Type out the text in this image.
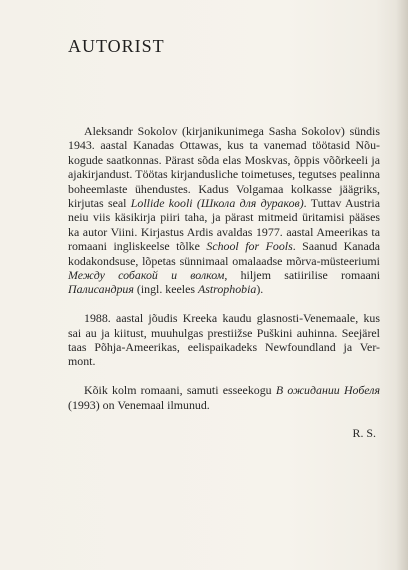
AUTORIST

Aleksandr Sokolov (kirjanikunimega Sasha Sokolov) sündis 1943. aastal Kanadas Ottawas, kus ta vanemad töötasid Nõu-kogude saatkonnas. Pärast sõda elas Moskvas, õppis võõrkeeli ja ajakirjandust. Töötas kirjandusliche toimetuses, tegutses pealinna boheemlaste ühendustes. Kadus Volgamaa kolkasse jäägriks, kirjutas seal Lollide kooli (Школа для дураков). Tuttav Austria neiu viis käsikirja piiri taha, ja pärast mitmeid üritamisi pääses ka autor Viini. Kirjastus Ardis avaldas 1977. aastal Ameerikas ta romaani ingliskeelse tõlke School for Fools. Saanud Kanada kodakondsuse, lõpetas sünnimaal omalaadse mõrva-müsteeriumi Между собакой и волком, hiljem satiirilise romaani Палисандрия (ingl. keeles Astrophobia).

1988. aastal jõudis Kreeka kaudu glasnosti-Venemaale, kus sai au ja kiitust, muuhulgas prestiižse Puškini auhinna. Seejärel taas Põhja-Ameerikas, eelispaikadeks Newfoundland ja Ver-mont.

Kõik kolm romaani, samuti esseekogu В ожидании Нобеля (1993) on Venemaal ilmunud.

R. S.
